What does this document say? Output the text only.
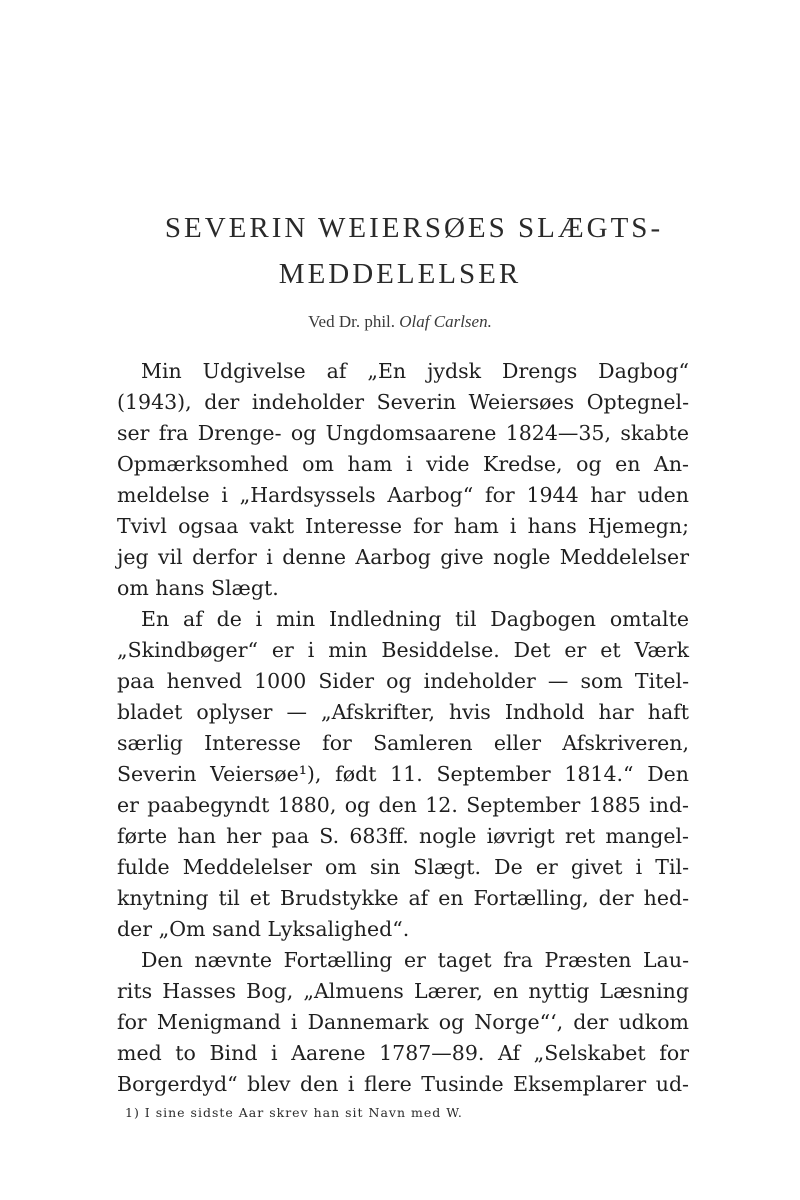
SEVERIN WEIERSØES SLÆGTS-
MEDDELELSER
Ved Dr. phil. Olaf Carlsen.
Min Udgivelse af „En jydsk Drengs Dagbog“
(1943), der indeholder Severin Weiersøes Optegnel-
ser fra Drenge- og Ungdomsaarene 1824—35, skabte
Opmærksomhed om ham i vide Kredse, og en An-
meldelse i „Hardsyssels Aarbog“ for 1944 har uden
Tvivl ogsaa vakt Interesse for ham i hans Hjemegn;
jeg vil derfor i denne Aarbog give nogle Meddelelser
om hans Slægt.
En af de i min Indledning til Dagbogen omtalte
„Skindbøger“ er i min Besiddelse. Det er et Værk
paa henved 1000 Sider og indeholder — som Titel-
bladet oplyser — „Afskrifter, hvis Indhold har haft
særlig Interesse for Samleren eller Afskriveren,
Severin Veiersøe¹), født 11. September 1814.“ Den
er paabegyndt 1880, og den 12. September 1885 ind-
førte han her paa S. 683ff. nogle iøvrigt ret mangel-
fulde Meddelelser om sin Slægt. De er givet i Til-
knytning til et Brudstykke af en Fortælling, der hed-
der „Om sand Lyksalighed“.
Den nævnte Fortælling er taget fra Præsten Lau-
rits Hasses Bog, „Almuens Lærer, en nyttig Læsning
for Menigmand i Dannemark og Norge“‘, der udkom
med to Bind i Aarene 1787—89. Af „Selskabet for
Borgerdyd“ blev den i flere Tusinde Eksemplarer ud-
1) I sine sidste Aar skrev han sit Navn med W.
